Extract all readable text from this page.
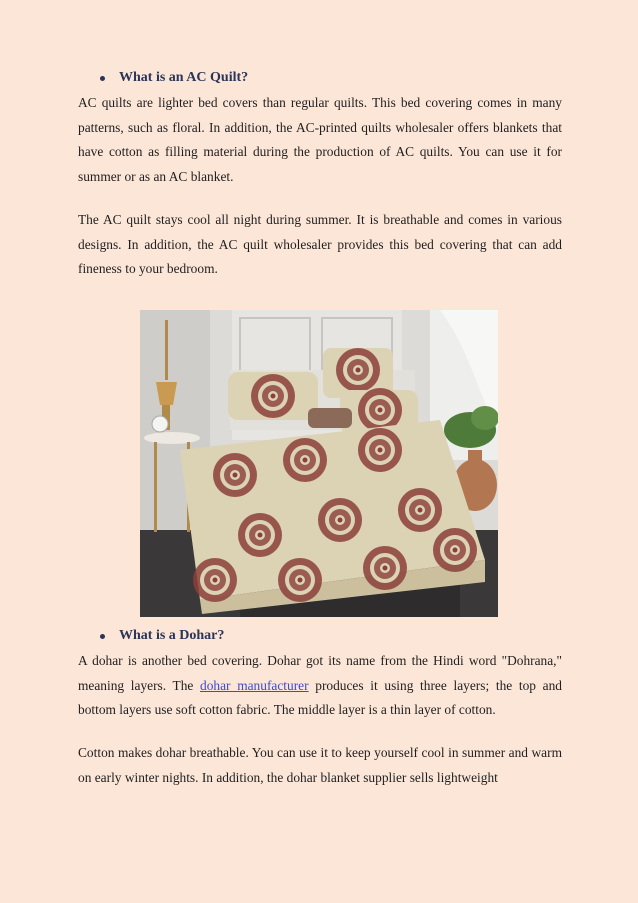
What is an AC Quilt?

AC quilts are lighter bed covers than regular quilts. This bed covering comes in many patterns, such as floral. In addition, the AC-printed quilts wholesaler offers blankets that have cotton as filling material during the production of AC quilts. You can use it for summer or as an AC blanket.

The AC quilt stays cool all night during summer. It is breathable and comes in various designs. In addition, the AC quilt wholesaler provides this bed covering that can add fineness to your bedroom.

What is a Dohar?

A dohar is another bed covering. Dohar got its name from the Hindi word "Dohrana," meaning layers. The dohar manufacturer produces it using three layers; the top and bottom layers use soft cotton fabric. The middle layer is a thin layer of cotton.

Cotton makes dohar breathable. You can use it to keep yourself cool in summer and warm on early winter nights. In addition, the dohar blanket supplier sells lightweight
